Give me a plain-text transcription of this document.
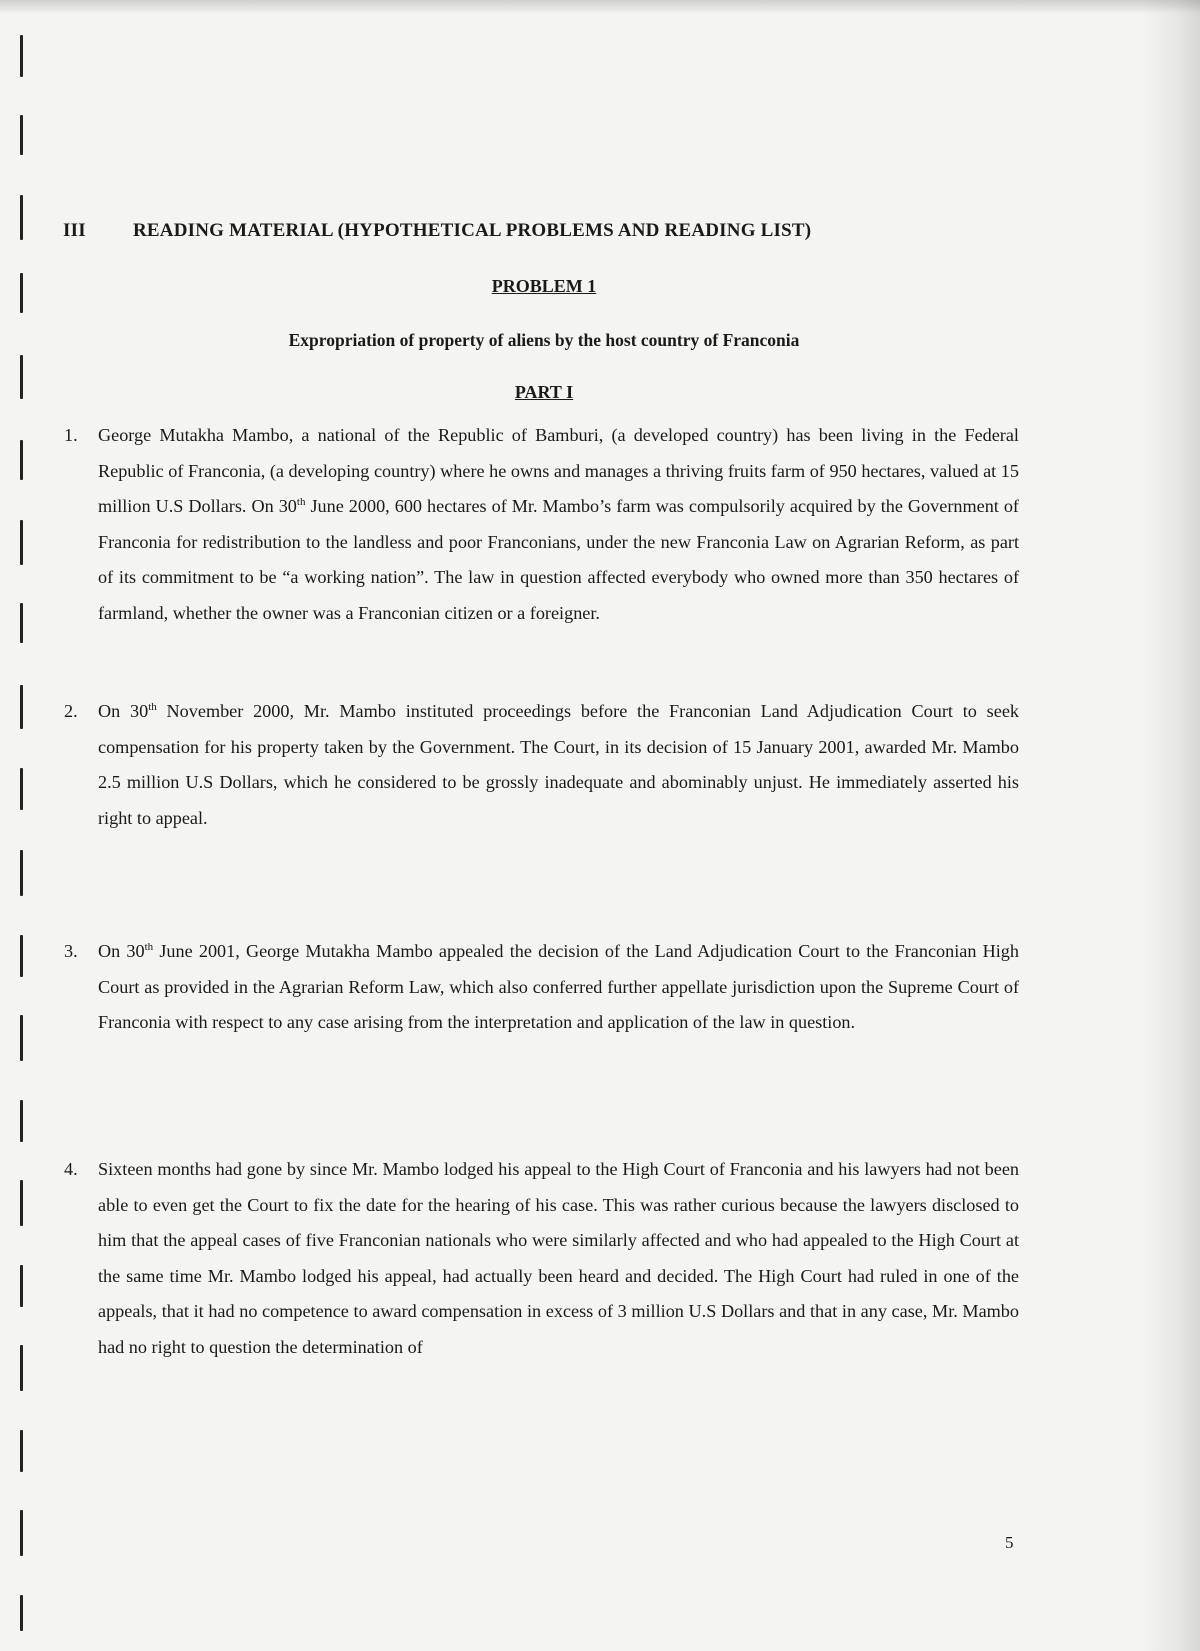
III READING MATERIAL (HYPOTHETICAL PROBLEMS AND READING LIST)
PROBLEM 1
Expropriation of property of aliens by the host country of Franconia
PART I
1.	George Mutakha Mambo, a national of the Republic of Bamburi, (a developed country) has been living in the Federal Republic of Franconia, (a developing country) where he owns and manages a thriving fruits farm of 950 hectares, valued at 15 million U.S Dollars. On 30th June 2000, 600 hectares of Mr. Mambo’s farm was compulsorily acquired by the Government of Franconia for redistribution to the landless and poor Franconians, under the new Franconia Law on Agrarian Reform, as part of its commitment to be “a working nation”. The law in question affected everybody who owned more than 350 hectares of farmland, whether the owner was a Franconian citizen or a foreigner.
2.	On 30th November 2000, Mr. Mambo instituted proceedings before the Franconian Land Adjudication Court to seek compensation for his property taken by the Government. The Court, in its decision of 15 January 2001, awarded Mr. Mambo 2.5 million U.S Dollars, which he considered to be grossly inadequate and abominably unjust. He immediately asserted his right to appeal.
3.	On 30th June 2001, George Mutakha Mambo appealed the decision of the Land Adjudication Court to the Franconian High Court as provided in the Agrarian Reform Law, which also conferred further appellate jurisdiction upon the Supreme Court of Franconia with respect to any case arising from the interpretation and application of the law in question.
4.	Sixteen months had gone by since Mr. Mambo lodged his appeal to the High Court of Franconia and his lawyers had not been able to even get the Court to fix the date for the hearing of his case. This was rather curious because the lawyers disclosed to him that the appeal cases of five Franconian nationals who were similarly affected and who had appealed to the High Court at the same time Mr. Mambo lodged his appeal, had actually been heard and decided. The High Court had ruled in one of the appeals, that it had no competence to award compensation in excess of 3 million U.S Dollars and that in any case, Mr. Mambo had no right to question the determination of
5
